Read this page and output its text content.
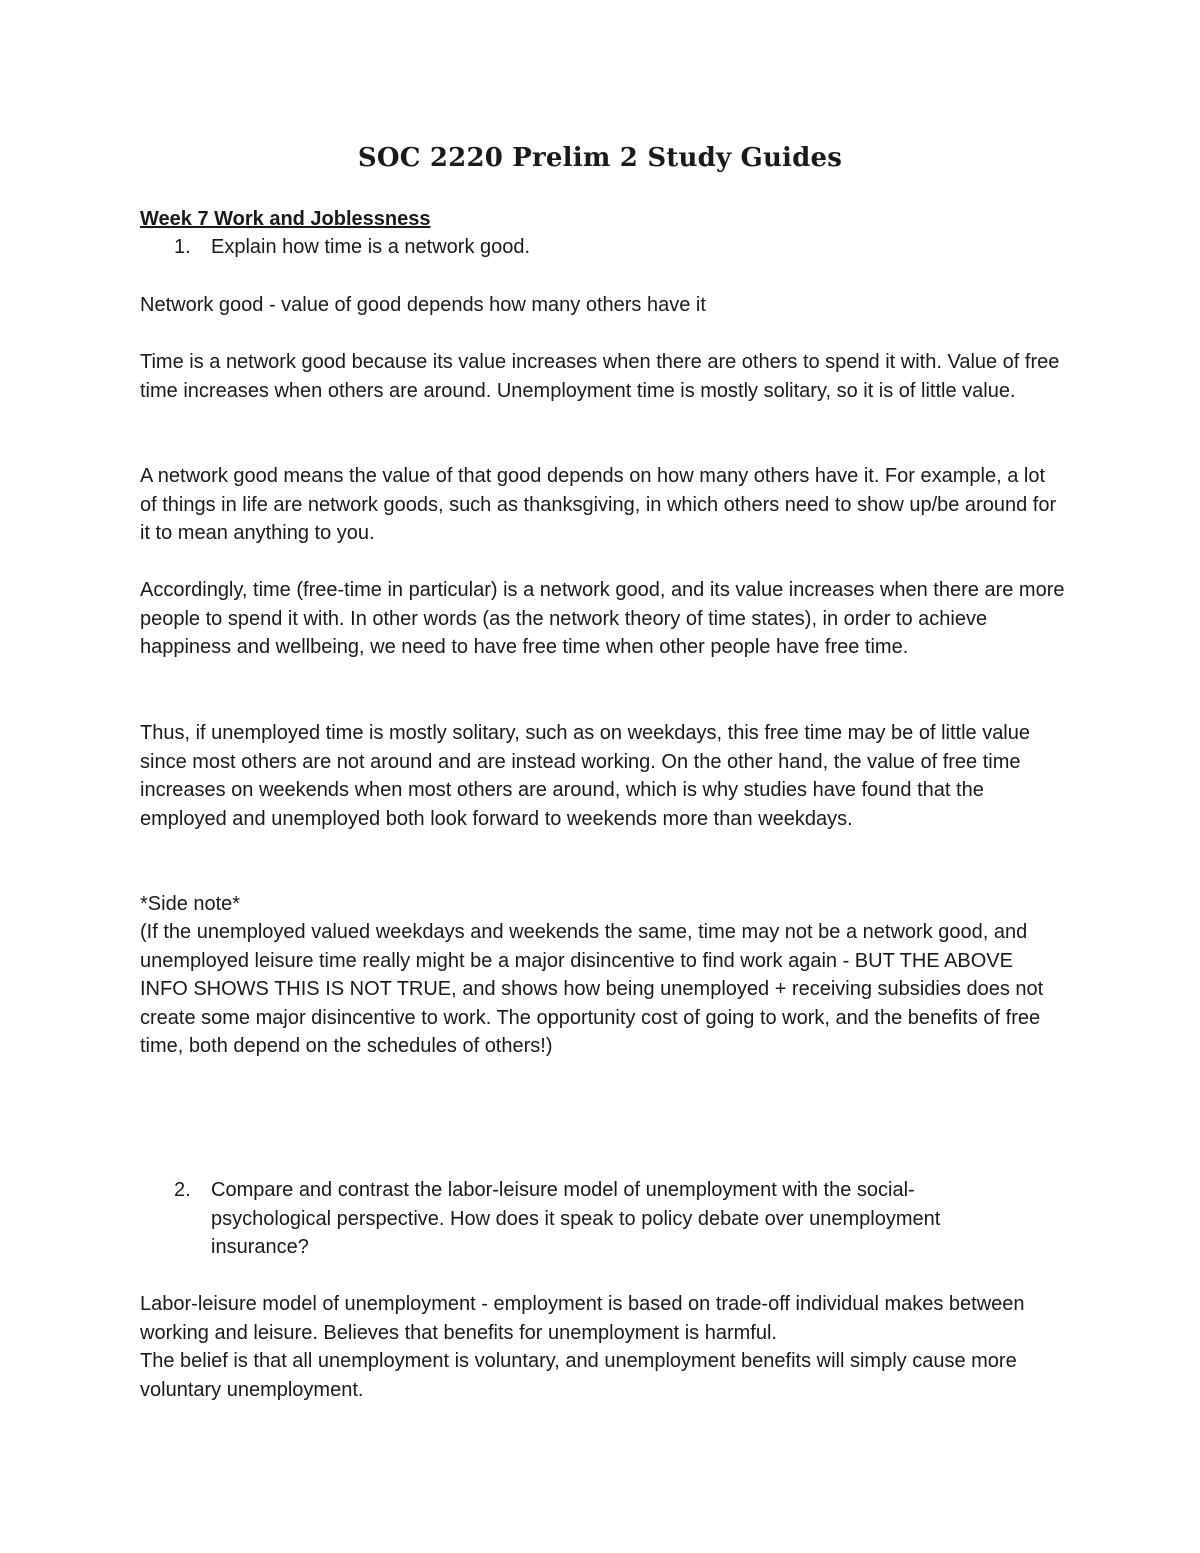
SOC 2220 Prelim 2 Study Guides
Week 7 Work and Joblessness
1. Explain how time is a network good.

Network good - value of good depends how many others have it

Time is a network good because its value increases when there are others to spend it with. Value of free time increases when others are around. Unemployment time is mostly solitary, so it is of little value.

A network good means the value of that good depends on how many others have it. For example, a lot of things in life are network goods, such as thanksgiving, in which others need to show up/be around for it to mean anything to you.

Accordingly, time (free-time in particular) is a network good, and its value increases when there are more people to spend it with. In other words (as the network theory of time states), in order to achieve happiness and wellbeing, we need to have free time when other people have free time.

Thus, if unemployed time is mostly solitary, such as on weekdays, this free time may be of little value since most others are not around and are instead working. On the other hand, the value of free time increases on weekends when most others are around, which is why studies have found that the employed and unemployed both look forward to weekends more than weekdays.

*Side note*

(If the unemployed valued weekdays and weekends the same, time may not be a network good, and unemployed leisure time really might be a major disincentive to find work again - BUT THE ABOVE INFO SHOWS THIS IS NOT TRUE, and shows how being unemployed + receiving subsidies does not create some major disincentive to work. The opportunity cost of going to work, and the benefits of free time, both depend on the schedules of others!)

2. Compare and contrast the labor-leisure model of unemployment with the social-psychological perspective. How does it speak to policy debate over unemployment insurance?

Labor-leisure model of unemployment - employment is based on trade-off individual makes between working and leisure. Believes that benefits for unemployment is harmful.

The belief is that all unemployment is voluntary, and unemployment benefits will simply cause more voluntary unemployment.
